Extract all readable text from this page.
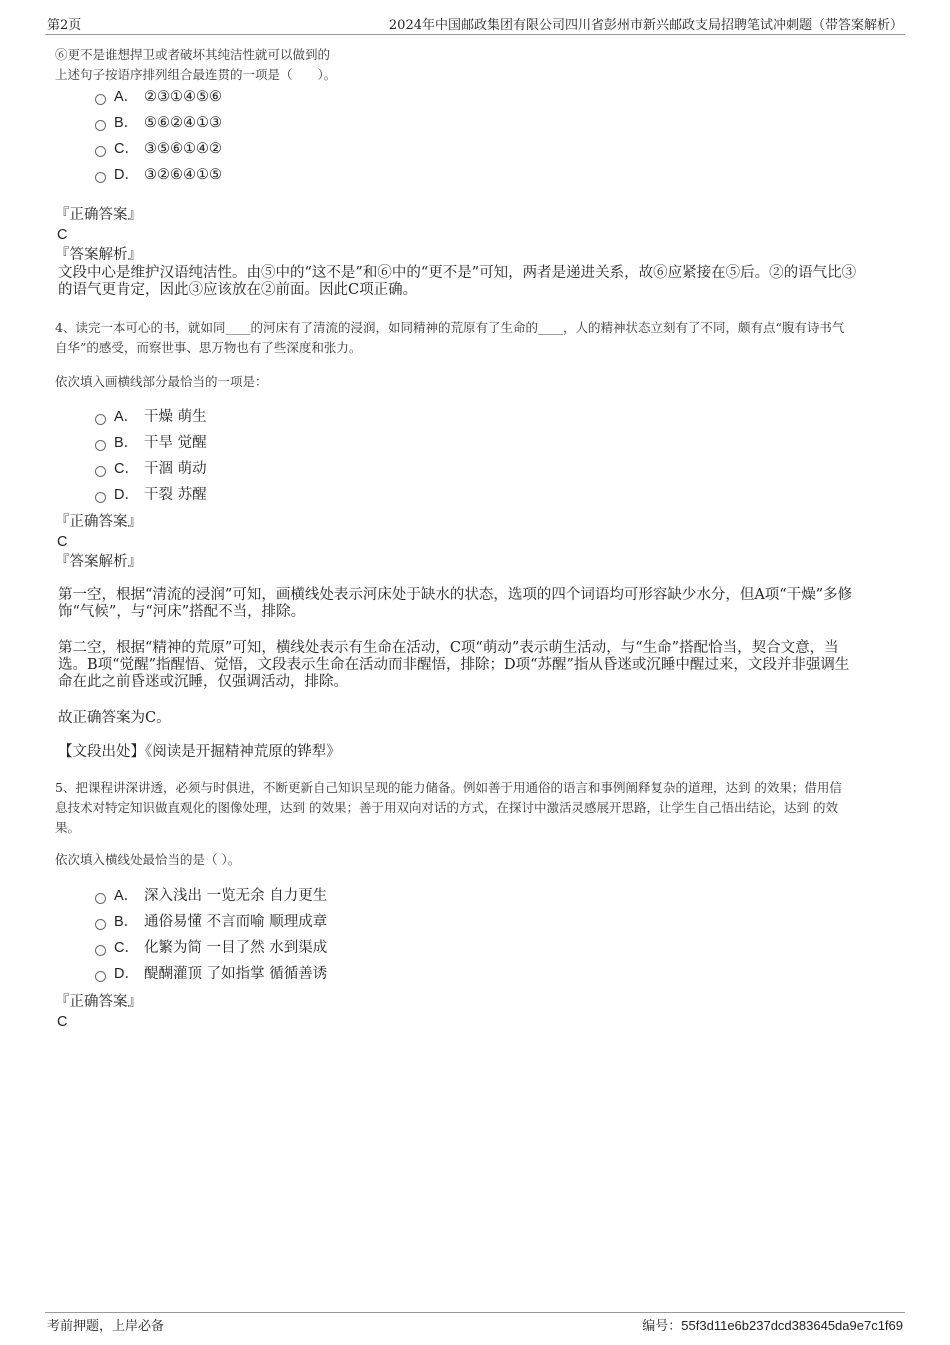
第2页	2024年中国邮政集团有限公司四川省彭州市新兴邮政支局招聘笔试冲刺题（带答案解析）
⑥更不是谁想捍卫或者破坏其纯洁性就可以做到的
上述句子按语序排列组合最连贯的一项是（　　）。
A． ②③①④⑤⑥
B． ⑤⑥②④①③
C． ③⑤⑥①④②
D． ③②⑥④①⑤
『正确答案』
C
『答案解析』
文段中心是维护汉语纯洁性。由⑤中的“这不是”和⑥中的“更不是”可知，两者是递进关系，故⑥应紧接在⑤后。②的语气比③
的语气更肯定，因此③应该放在②前面。因此C项正确。
4、读完一本可心的书，就如同____的河床有了清流的浸润，如同精神的荒原有了生命的____，人的精神状态立刻有了不同，颇有点“腹有诗书气
自华”的感受，而察世事、思万物也有了些深度和张力。
依次填入画横线部分最恰当的一项是：
A． 干燥 萌生
B． 干旱 觉醒
C． 干涸 萌动
D． 干裂 苏醒
『正确答案』
C
『答案解析』
第一空，根据“清流的浸润”可知，画横线处表示河床处于缺水的状态，选项的四个词语均可形容缺少水分，但A项“干燥”多修
饰“气候”，与“河床”搭配不当，排除。
第二空，根据“精神的荒原”可知，横线处表示有生命在活动，C项“萌动”表示萌生活动，与“生命”搭配恰当，契合文意，当
选。B项“觉醒”指醒悟、觉悟，文段表示生命在活动而非醒悟，排除；D项“苏醒”指从昏迷或沉睡中醒过来，文段并非强调生
命在此之前昏迷或沉睡，仅强调活动，排除。
故正确答案为C。
【文段出处】《阅读是开掘精神荒原的铧犁》
5、把课程讲深讲透，必须与时俱进，不断更新自己知识呈现的能力储备。例如善于用通俗的语言和事例阐释复杂的道理，达到 的效果；借用信
息技术对特定知识做直观化的图像处理，达到 的效果；善于用双向对话的方式，在探讨中激活灵感展开思路，让学生自己悟出结论，达到 的效
果。
依次填入横线处最恰当的是（ ）。
A． 深入浅出 一览无余 自力更生
B． 通俗易懂 不言而喻 顺理成章
C． 化繁为简 一目了然 水到渠成
D． 醍醐灌顶 了如指掌 循循善诱
『正确答案』
C
考前押题，上岸必备	编号：55f3d11e6b237dcd383645da9e7c1f69
